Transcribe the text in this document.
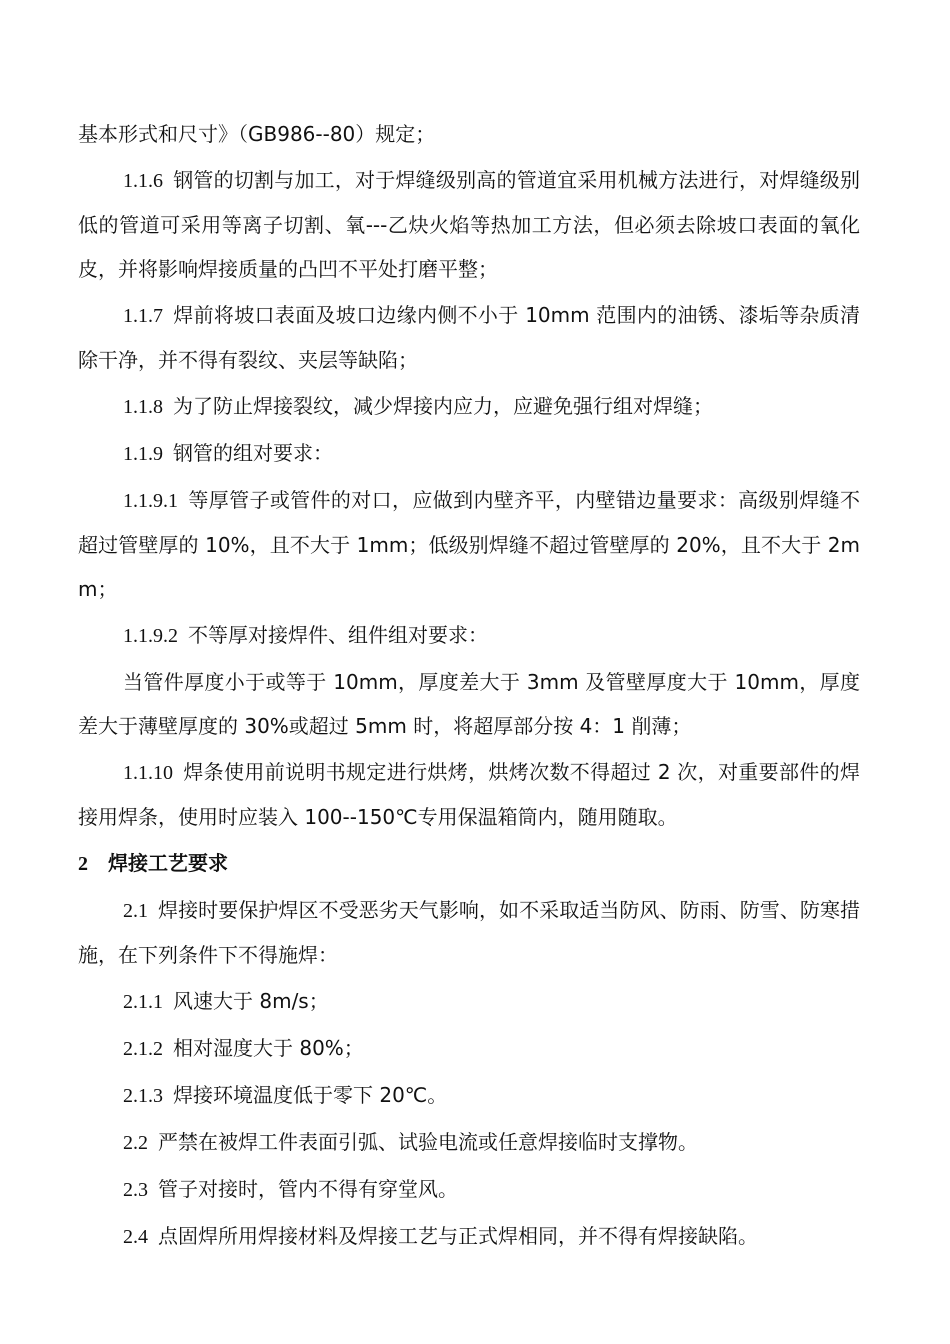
基本形式和尺寸》（GB986--80）规定；

1.1.6 钢管的切割与加工，对于焊缝级别高的管道宜采用机械方法进行，对焊缝级别低的管道可采用等离子切割、氧---乙炔火焰等热加工方法，但必须去除坡口表面的氧化皮，并将影响焊接质量的凸凹不平处打磨平整；

1.1.7 焊前将坡口表面及坡口边缘内侧不小于 10mm 范围内的油锈、漆垢等杂质清除干净，并不得有裂纹、夹层等缺陷；

1.1.8 为了防止焊接裂纹，减少焊接内应力，应避免强行组对焊缝；

1.1.9 钢管的组对要求：

1.1.9.1 等厚管子或管件的对口，应做到内壁齐平，内壁错边量要求：高级别焊缝不超过管壁厚的 10%，且不大于 1mm；低级别焊缝不超过管壁厚的 20%，且不大于 2mm；

1.1.9.2 不等厚对接焊件、组件组对要求：

当管件厚度小于或等于 10mm，厚度差大于 3mm 及管壁厚度大于 10mm，厚度差大于薄壁厚度的 30%或超过 5mm 时，将超厚部分按 4：1 削薄；

1.1.10 焊条使用前说明书规定进行烘烤，烘烤次数不得超过 2 次，对重要部件的焊接用焊条，使用时应装入 100--150℃专用保温箱筒内，随用随取。

2 焊接工艺要求

2.1 焊接时要保护焊区不受恶劣天气影响，如不采取适当防风、防雨、防雪、防寒措施，在下列条件下不得施焊：

2.1.1 风速大于 8m/s；

2.1.2 相对湿度大于 80%；

2.1.3 焊接环境温度低于零下 20℃。

2.2 严禁在被焊工件表面引弧、试验电流或任意焊接临时支撑物。

2.3 管子对接时，管内不得有穿堂风。

2.4 点固焊所用焊接材料及焊接工艺与正式焊相同，并不得有焊接缺陷。
